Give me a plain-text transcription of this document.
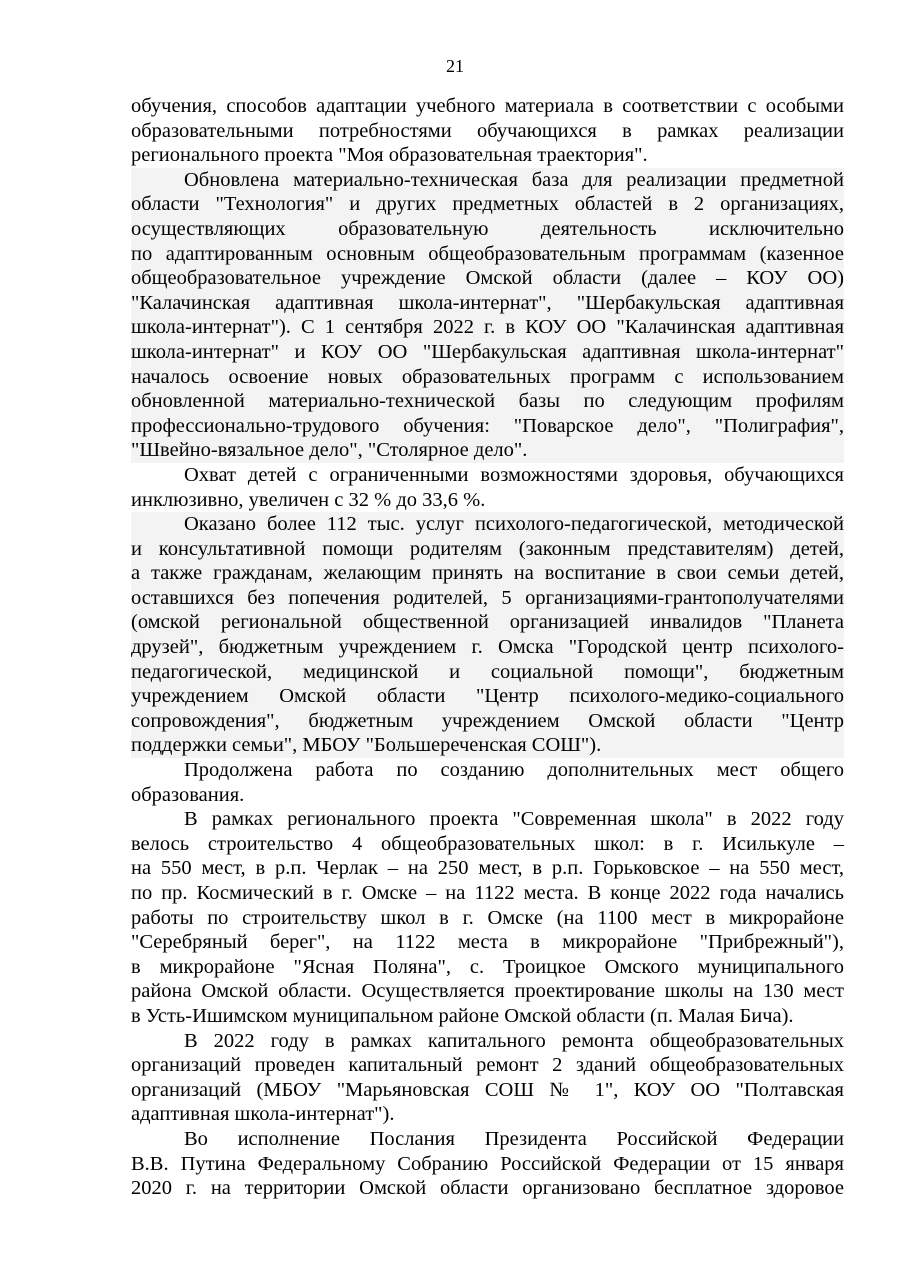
21
обучения, способов адаптации учебного материала в соответствии с особыми
образовательными потребностями обучающихся в рамках реализации
регионального проекта "Моя образовательная траектория".
Обновлена материально-техническая база для реализации предметной
области "Технология" и других предметных областей в 2 организациях,
осуществляющих образовательную деятельность исключительно
по адаптированным основным общеобразовательным программам (казенное
общеобразовательное учреждение Омской области (далее – КОУ ОО)
"Калачинская адаптивная школа-интернат", "Шербакульская адаптивная
школа-интернат"). С 1 сентября 2022 г. в КОУ ОО "Калачинская адаптивная
школа-интернат" и КОУ ОО "Шербакульская адаптивная школа-интернат"
началось освоение новых образовательных программ с использованием
обновленной материально-технической базы по следующим профилям
профессионально-трудового обучения: "Поварское дело", "Полиграфия",
"Швейно-вязальное дело", "Столярное дело".
Охват детей с ограниченными возможностями здоровья, обучающихся
инклюзивно, увеличен с 32 % до 33,6 %.
Оказано более 112 тыс. услуг психолого-педагогической, методической
и консультативной помощи родителям (законным представителям) детей,
а также гражданам, желающим принять на воспитание в свои семьи детей,
оставшихся без попечения родителей, 5 организациями-грантополучателями
(омской региональной общественной организацией инвалидов "Планета
друзей", бюджетным учреждением г. Омска "Городской центр психолого-
педагогической, медицинской и социальной помощи", бюджетным
учреждением Омской области "Центр психолого-медико-социального
сопровождения", бюджетным учреждением Омской области "Центр
поддержки семьи", МБОУ "Большереченская СОШ").
Продолжена работа по созданию дополнительных мест общего
образования.
В рамках регионального проекта "Современная школа" в 2022 году
велось строительство 4 общеобразовательных школ: в г. Исилькуле –
на 550 мест, в р.п. Черлак – на 250 мест, в р.п. Горьковское – на 550 мест,
по пр. Космический в г. Омске – на 1122 места. В конце 2022 года начались
работы по строительству школ в г. Омске (на 1100 мест в микрорайоне
"Серебряный берег", на 1122 места в микрорайоне "Прибрежный"),
в микрорайоне "Ясная Поляна", с. Троицкое Омского муниципального
района Омской области. Осуществляется проектирование школы на 130 мест
в Усть-Ишимском муниципальном районе Омской области (п. Малая Бича).
В 2022 году в рамках капитального ремонта общеобразовательных
организаций проведен капитальный ремонт 2 зданий общеобразовательных
организаций (МБОУ "Марьяновская СОШ № 1", КОУ ОО "Полтавская
адаптивная школа-интернат").
Во исполнение Послания Президента Российской Федерации
В.В. Путина Федеральному Собранию Российской Федерации от 15 января
2020 г. на территории Омской области организовано бесплатное здоровое
